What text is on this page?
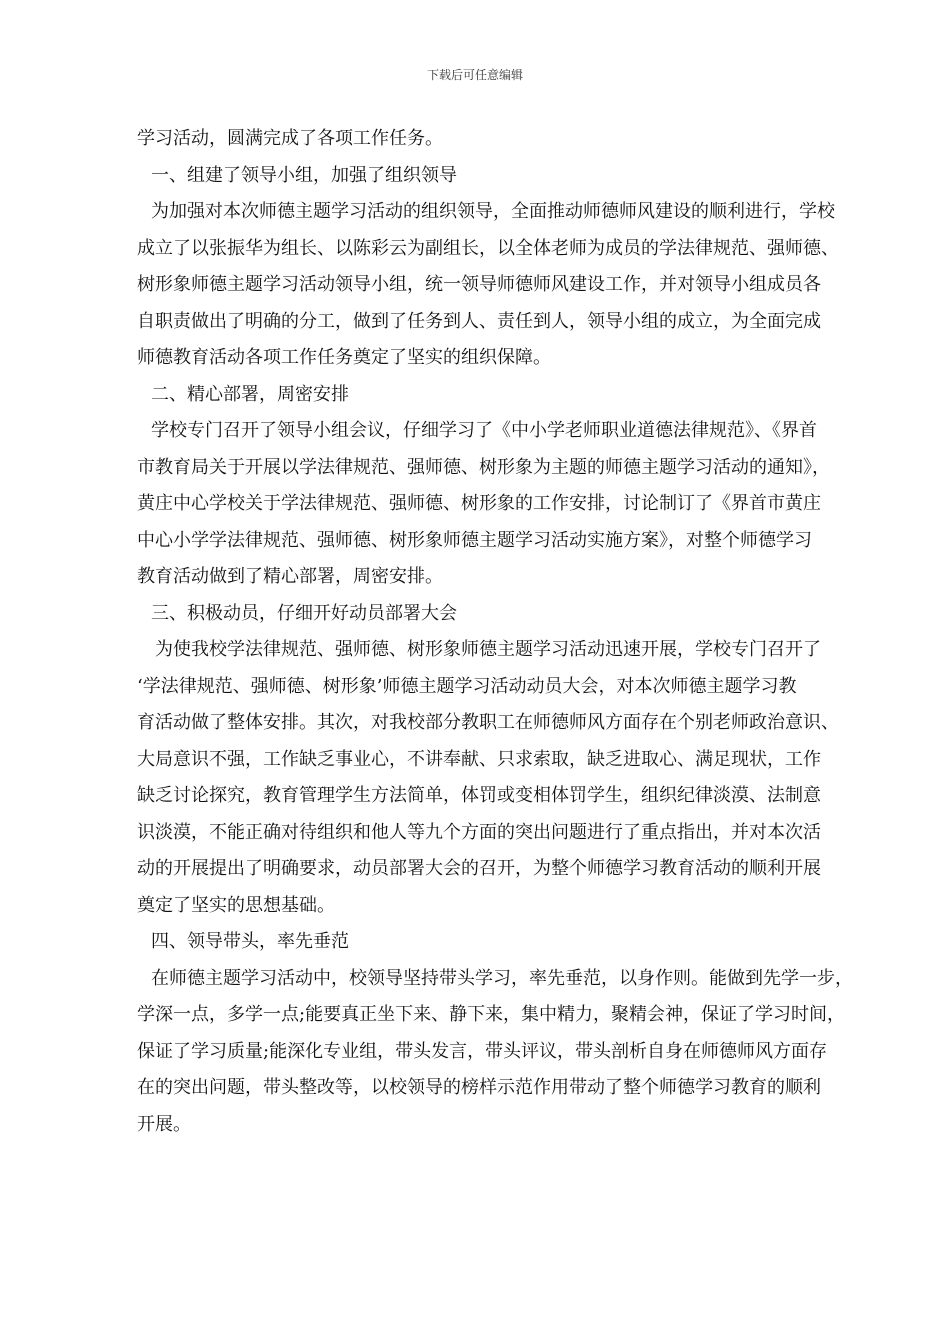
下载后可任意编辑
学习活动，圆满完成了各项工作任务。
一、组建了领导小组，加强了组织领导
为加强对本次师德主题学习活动的组织领导，全面推动师德师风建设的顺利进行，学校
成立了以张振华为组长、以陈彩云为副组长，以全体老师为成员的学法律规范、强师德、
树形象师德主题学习活动领导小组，统一领导师德师风建设工作，并对领导小组成员各
自职责做出了明确的分工，做到了任务到人、责任到人，领导小组的成立，为全面完成
师德教育活动各项工作任务奠定了坚实的组织保障。
二、精心部署，周密安排
学校专门召开了领导小组会议，仔细学习了《中小学老师职业道德法律规范》、《界首
市教育局关于开展以学法律规范、强师德、树形象为主题的师德主题学习活动的通知》，
黄庄中心学校关于学法律规范、强师德、树形象的工作安排，讨论制订了《界首市黄庄
中心小学学法律规范、强师德、树形象师德主题学习活动实施方案》，对整个师德学习
教育活动做到了精心部署，周密安排。
三、积极动员，仔细开好动员部署大会
为使我校学法律规范、强师德、树形象师德主题学习活动迅速开展，学校专门召开了
‘学法律规范、强师德、树形象’师德主题学习活动动员大会，对本次师德主题学习教
育活动做了整体安排。其次，对我校部分教职工在师德师风方面存在个别老师政治意识、
大局意识不强，工作缺乏事业心，不讲奉献、只求索取，缺乏进取心、满足现状，工作
缺乏讨论探究，教育管理学生方法简单，体罚或变相体罚学生，组织纪律淡漠、法制意
识淡漠，不能正确对待组织和他人等九个方面的突出问题进行了重点指出，并对本次活
动的开展提出了明确要求，动员部署大会的召开，为整个师德学习教育活动的顺利开展
奠定了坚实的思想基础。
四、领导带头，率先垂范
在师德主题学习活动中，校领导坚持带头学习，率先垂范，以身作则。能做到先学一步，
学深一点，多学一点;能要真正坐下来、静下来，集中精力，聚精会神，保证了学习时间，
保证了学习质量;能深化专业组，带头发言，带头评议，带头剖析自身在师德师风方面存
在的突出问题，带头整改等，以校领导的榜样示范作用带动了整个师德学习教育的顺利
开展。
